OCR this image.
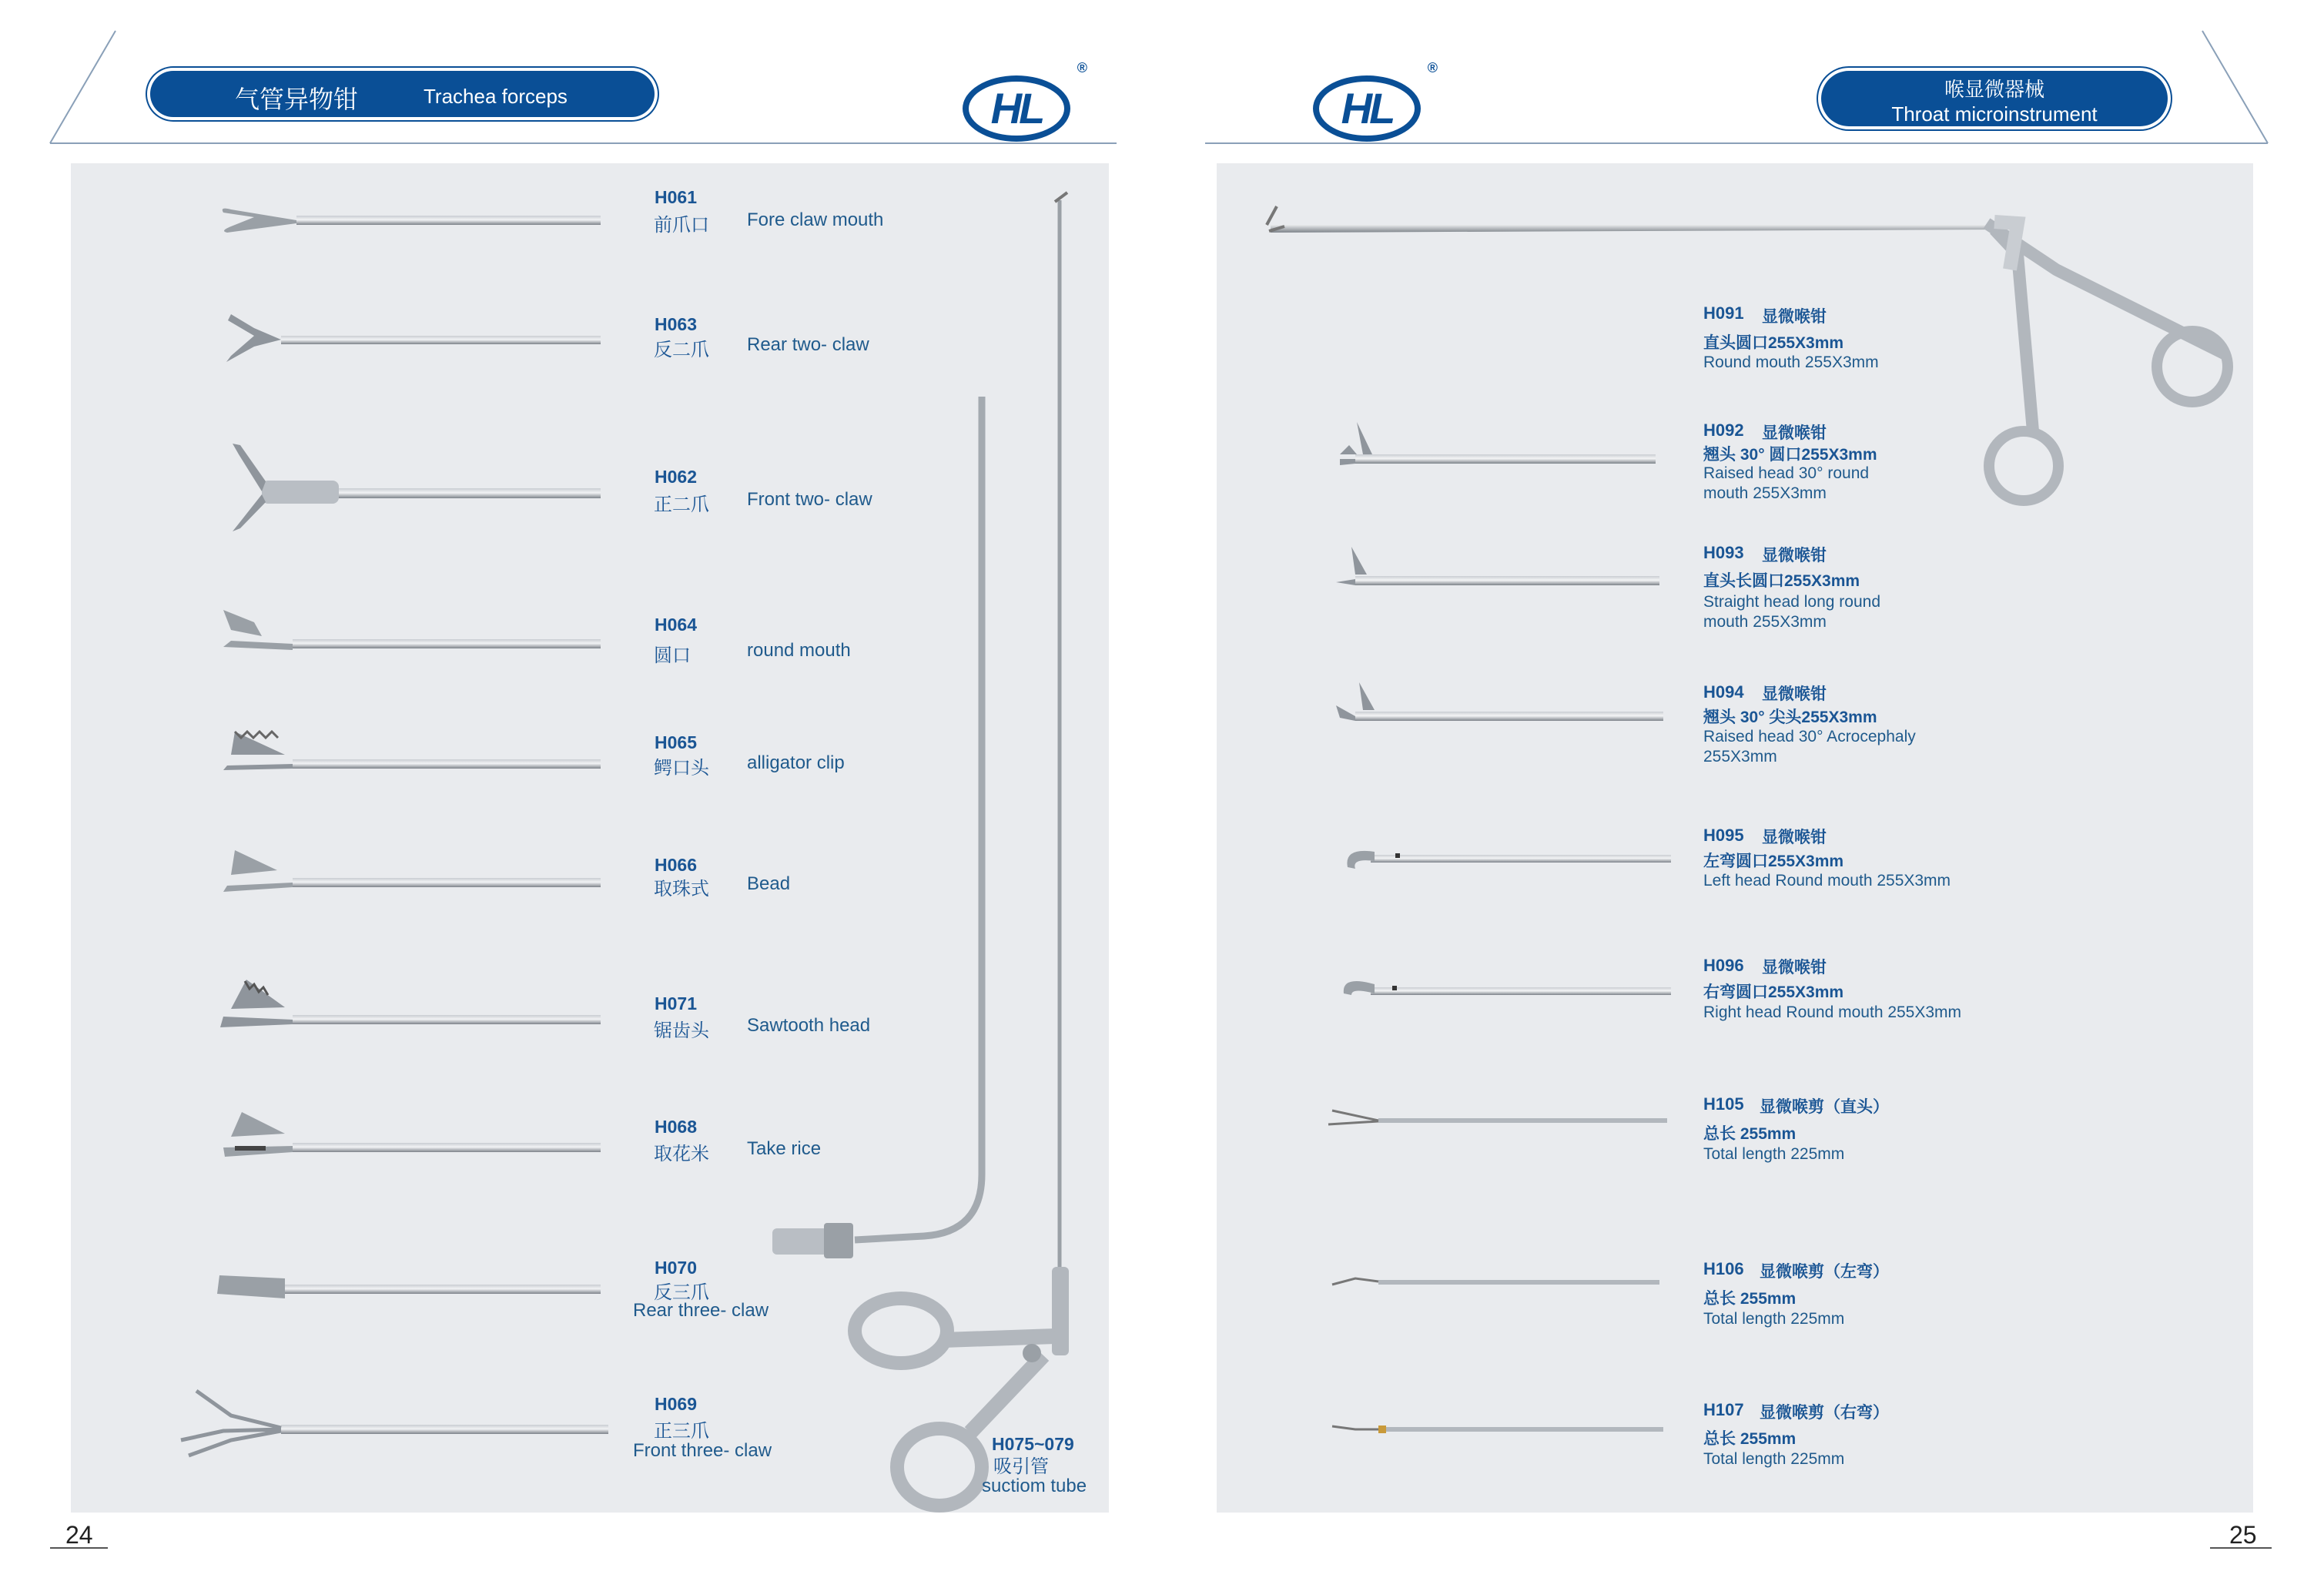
气管异物钳	Trachea forceps	HL
®
H061
前爪口 Fore claw mouth
H063
反二爪 Rear two- claw
H062
正二爪 Front two- claw
H064
圆口	round mouth
H065
鳄口头 alligator clip
H066
取珠式 Bead
H071
锯齿头 Sawtooth head
H068
取花米 Take rice
H070
反三爪
Rear three- claw
H069
正三爪
Front three- claw	H075~079
吸引管
suctiom tube
24
HL
®
喉显微器械
Throat microinstrument
H091 显微喉钳
直头圆口255X3mm
Round mouth 255X3mm
H092 显微喉钳
翘头 30° 圆口255X3mm
Raised head 30° round mouth 255X3mm
H093 显微喉钳
直头长圆口255X3mm
Straight head long round mouth 255X3mm
H094 显微喉钳
翘头 30° 尖头255X3mm
Raised head 30° Acrocephaly 255X3mm
H095 显微喉钳
左弯圆口255X3mm
Left head Round mouth 255X3mm
H096 显微喉钳
右弯圆口255X3mm
Right head Round mouth 255X3mm
H105 显微喉剪（直头）
总长 255mm
Total length 225mm
H106 显微喉剪（左弯）
总长 255mm
Total length 225mm
H107 显微喉剪（右弯）
总长 255mm
Total length 225mm
25
